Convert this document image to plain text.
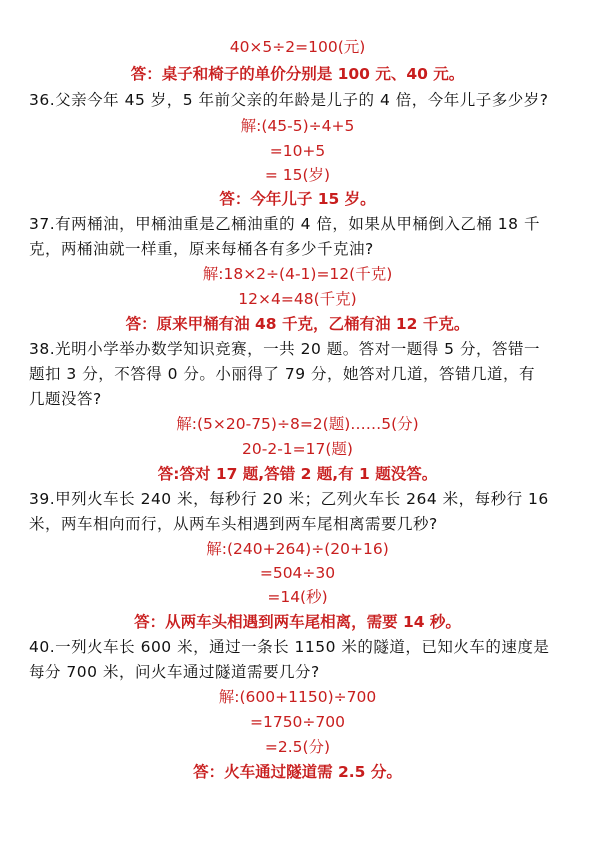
40×5÷2=100(元)
答：桌子和椅子的单价分别是 100 元、40 元。
36.父亲今年 45 岁，5 年前父亲的年龄是儿子的 4 倍，今年儿子多少岁?
解:(45-5)÷4+5
=10+5
= 15(岁)
答：今年儿子 15 岁。
37.有两桶油，甲桶油重是乙桶油重的 4 倍，如果从甲桶倒入乙桶 18 千
克，两桶油就一样重，原来每桶各有多少千克油?
解:18×2÷(4-1)=12(千克)
12×4=48(千克)
答：原来甲桶有油 48 千克，乙桶有油 12 千克。
38.光明小学举办数学知识竞赛，一共 20 题。答对一题得 5 分，答错一
题扣 3 分，不答得 0 分。小丽得了 79 分，她答对几道，答错几道，有
几题没答?
解:(5×20-75)÷8=2(题)……5(分)
20-2-1=17(题)
答:答对 17 题,答错 2 题,有 1 题没答。
39.甲列火车长 240 米，每秒行 20 米；乙列火车长 264 米，每秒行 16
米，两车相向而行，从两车头相遇到两车尾相离需要几秒?
解:(240+264)÷(20+16)
=504÷30
=14(秒)
答：从两车头相遇到两车尾相离，需要 14 秒。
40.一列火车长 600 米，通过一条长 1150 米的隧道，已知火车的速度是
每分 700 米，问火车通过隧道需要几分?
解:(600+1150)÷700
=1750÷700
=2.5(分)
答：火车通过隧道需 2.5 分。
